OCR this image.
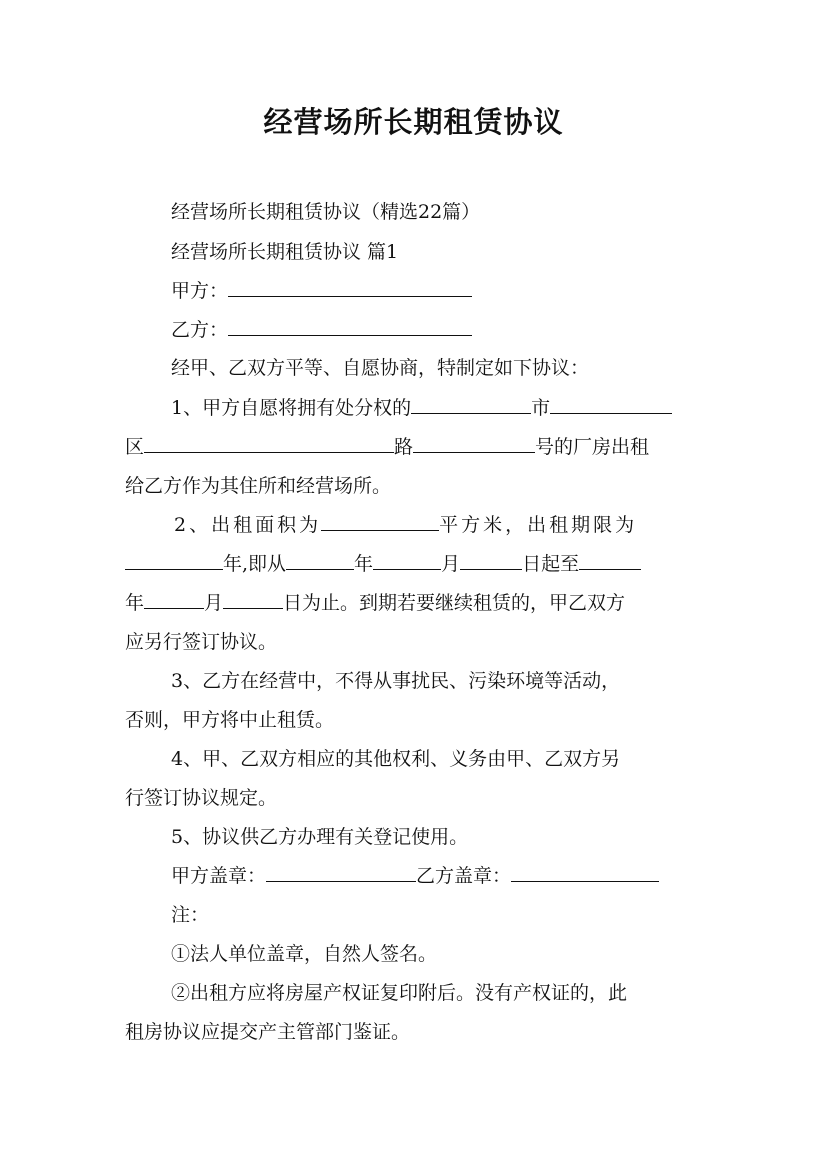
经营场所长期租赁协议
经营场所长期租赁协议（精选22篇）
经营场所长期租赁协议 篇1
甲方：
乙方：
经甲、乙双方平等、自愿协商，特制定如下协议：
1、甲方自愿将拥有处分权的	市
区	路	号的厂房出租
给乙方作为其住所和经营场所。
2、出租面积为	平方米，出租期限为
年,即从	年	月	日起至
年	月	日为止。到期若要继续租赁的，甲乙双方
应另行签订协议。
3、乙方在经营中，不得从事扰民、污染环境等活动，
否则，甲方将中止租赁。
4、甲、乙双方相应的其他权利、义务由甲、乙双方另
行签订协议规定。
5、协议供乙方办理有关登记使用。
甲方盖章：	乙方盖章：
注：
①法人单位盖章，自然人签名。
②出租方应将房屋产权证复印附后。没有产权证的，此
租房协议应提交产主管部门鉴证。
